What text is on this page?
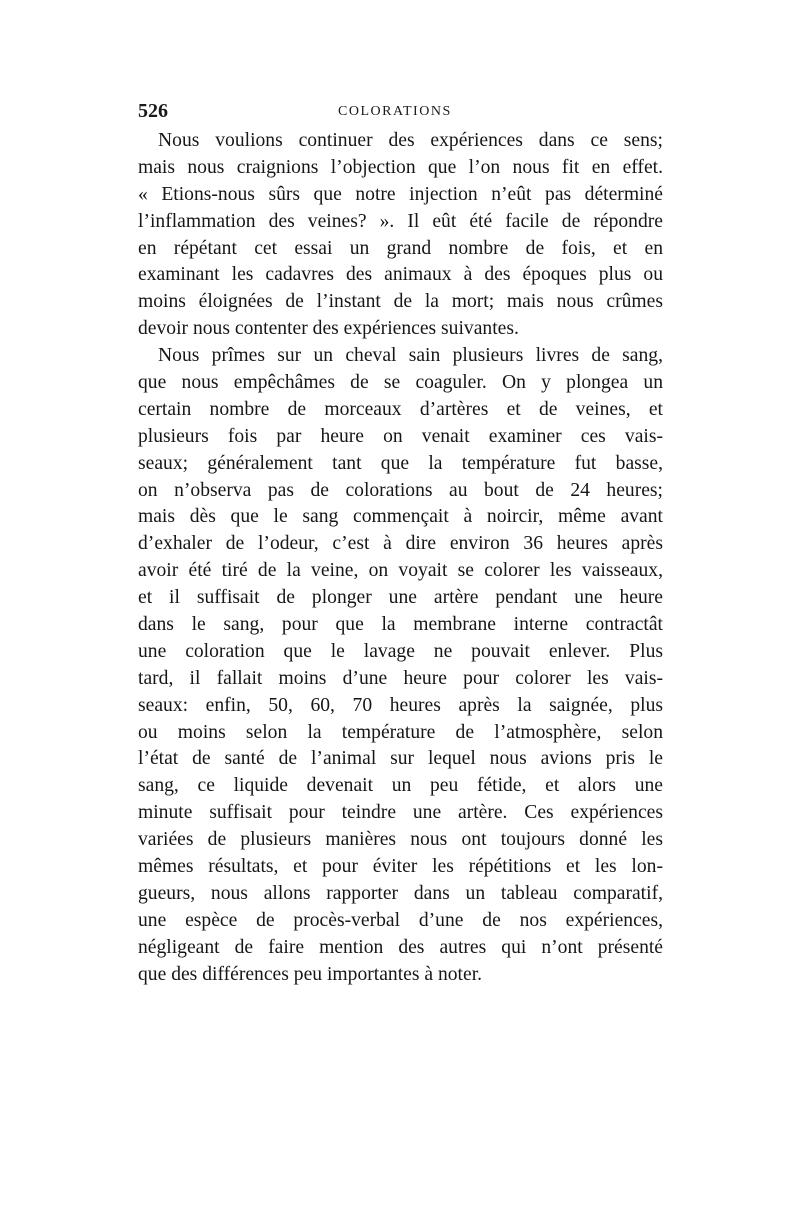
526	COLORATIONS
Nous voulions continuer des expériences dans ce sens;
mais nous craignions l’objection que l’on nous fit en effet.
« Etions-nous sûrs que notre injection n’eût pas déterminé
l’inflammation des veines? ». Il eût été facile de répondre
en répétant cet essai un grand nombre de fois, et en
examinant les cadavres des animaux à des époques plus ou
moins éloignées de l’instant de la mort; mais nous crûmes
devoir nous contenter des expériences suivantes.
Nous prîmes sur un cheval sain plusieurs livres de sang,
que nous empêchâmes de se coaguler. On y plongea un
certain nombre de morceaux d’artères et de veines, et
plusieurs fois par heure on venait examiner ces vais-
seaux; généralement tant que la température fut basse,
on n’observa pas de colorations au bout de 24 heures;
mais dès que le sang commençait à noircir, même avant
d’exhaler de l’odeur, c’est à dire environ 36 heures après
avoir été tiré de la veine, on voyait se colorer les vaisseaux,
et il suffisait de plonger une artère pendant une heure
dans le sang, pour que la membrane interne contractât
une coloration que le lavage ne pouvait enlever. Plus
tard, il fallait moins d’une heure pour colorer les vais-
seaux: enfin, 50, 60, 70 heures après la saignée, plus
ou moins selon la température de l’atmosphère, selon
l’état de santé de l’animal sur lequel nous avions pris le
sang, ce liquide devenait un peu fétide, et alors une
minute suffisait pour teindre une artère. Ces expériences
variées de plusieurs manières nous ont toujours donné les
mêmes résultats, et pour éviter les répétitions et les lon-
gueurs, nous allons rapporter dans un tableau comparatif,
une espèce de procès-verbal d’une de nos expériences,
négligeant de faire mention des autres qui n’ont présenté
que des différences peu importantes à noter.
